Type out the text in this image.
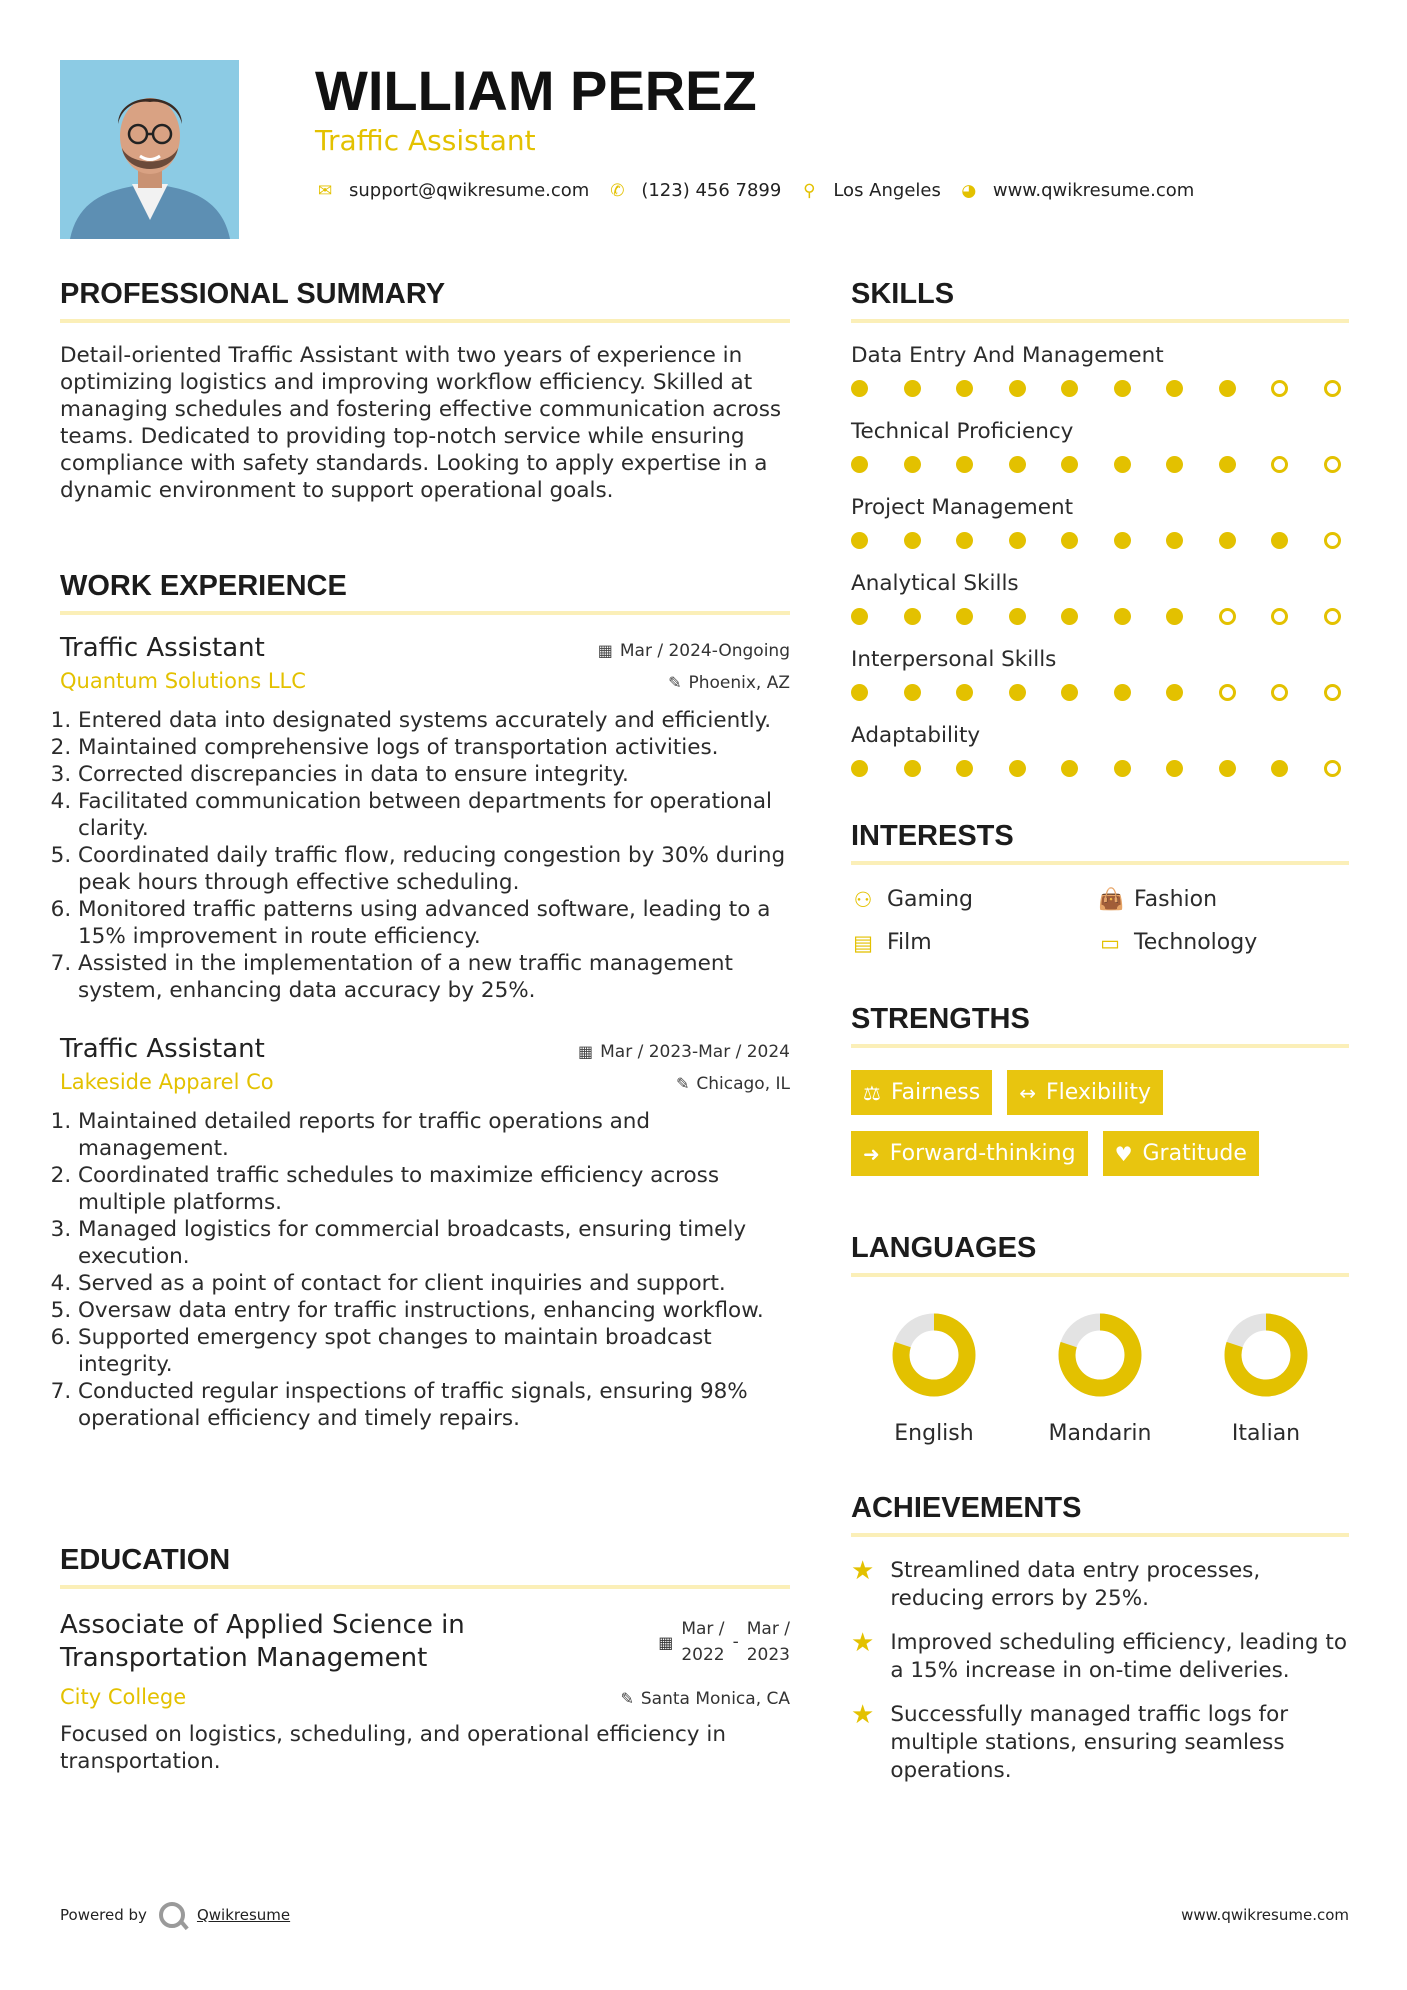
WILLIAM PEREZ
Traffic Assistant
✉ support@qwikresume.com ✆ (123) 456 7899 ⚲ Los Angeles ◕ www.qwikresume.com
PROFESSIONAL SUMMARY
Detail-oriented Traffic Assistant with two years of experience in optimizing logistics and improving workflow efficiency. Skilled at managing schedules and fostering effective communication across teams. Dedicated to providing top-notch service while ensuring compliance with safety standards. Looking to apply expertise in a dynamic environment to support operational goals.
WORK EXPERIENCE
Traffic Assistant	▦ Mar / 2024-Ongoing
Quantum Solutions LLC	✎ Phoenix, AZ
1. Entered data into designated systems accurately and efficiently.
2. Maintained comprehensive logs of transportation activities.
3. Corrected discrepancies in data to ensure integrity.
4. Facilitated communication between departments for operational clarity.
5. Coordinated daily traffic flow, reducing congestion by 30% during peak hours through effective scheduling.
6. Monitored traffic patterns using advanced software, leading to a 15% improvement in route efficiency.
7. Assisted in the implementation of a new traffic management system, enhancing data accuracy by 25%.
Traffic Assistant	▦ Mar / 2023-Mar / 2024
Lakeside Apparel Co	✎ Chicago, IL
1. Maintained detailed reports for traffic operations and management.
2. Coordinated traffic schedules to maximize efficiency across multiple platforms.
3. Managed logistics for commercial broadcasts, ensuring timely execution.
4. Served as a point of contact for client inquiries and support.
5. Oversaw data entry for traffic instructions, enhancing workflow.
6. Supported emergency spot changes to maintain broadcast integrity.
7. Conducted regular inspections of traffic signals, ensuring 98% operational efficiency and timely repairs.
EDUCATION
Associate of Applied Science in Transportation Management
▦
Mar /
2022
-
Mar /
2023
City College	✎ Santa Monica, CA
Focused on logistics, scheduling, and operational efficiency in transportation.
SKILLS
Data Entry And Management
Technical Proficiency
Project Management
Analytical Skills
Interpersonal Skills
Adaptability
INTERESTS
⚇ Gaming	👜 Fashion
▤ Film	▭ Technology
STRENGTHS
⚖ Fairness ↔ Flexibility
➜ Forward-thinking ♥ Gratitude
LANGUAGES
English	Mandarin	Italian
ACHIEVEMENTS
★ Streamlined data entry processes, reducing errors by 25%.
★ Improved scheduling efficiency, leading to a 15% increase in on-time deliveries.
★ Successfully managed traffic logs for multiple stations, ensuring seamless operations.
Powered by	Qwikresume	www.qwikresume.com
